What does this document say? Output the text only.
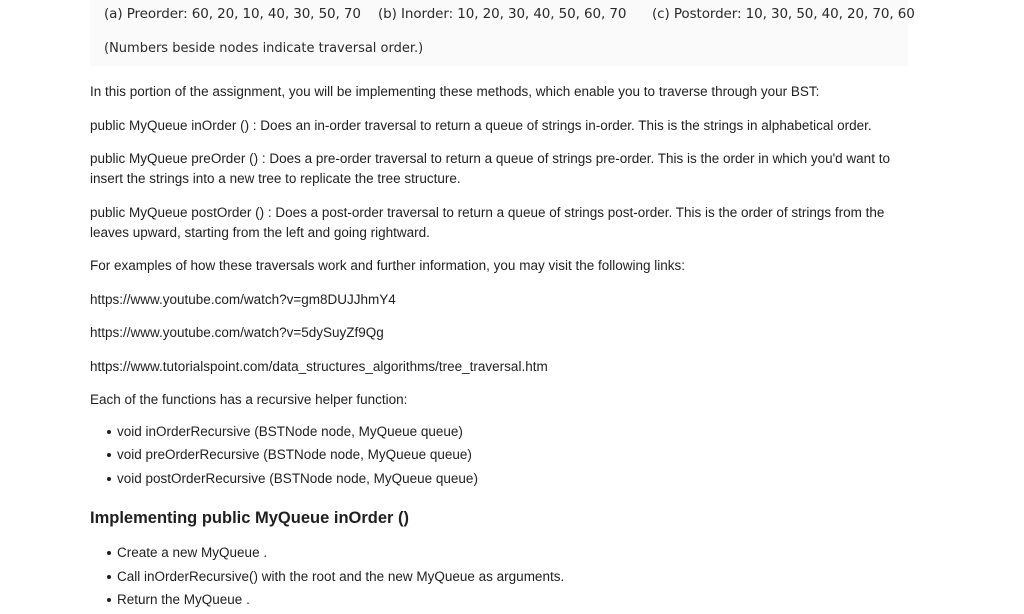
(a) Preorder: 60, 20, 10, 40, 30, 50, 70 (b) Inorder: 10, 20, 30, 40, 50, 60, 70 (c) Postorder: 10, 30, 50, 40, 20, 70, 60
(Numbers beside nodes indicate traversal order.)

In this portion of the assignment, you will be implementing these methods, which enable you to traverse through your BST:

public MyQueue inOrder () : Does an in-order traversal to return a queue of strings in-order. This is the strings in alphabetical order.

public MyQueue preOrder () : Does a pre-order traversal to return a queue of strings pre-order. This is the order in which you'd want to insert the strings into a new tree to replicate the tree structure.

public MyQueue postOrder () : Does a post-order traversal to return a queue of strings post-order. This is the order of strings from the leaves upward, starting from the left and going rightward.

For examples of how these traversals work and further information, you may visit the following links:

https://www.youtube.com/watch?v=gm8DUJJhmY4

https://www.youtube.com/watch?v=5dySuyZf9Qg

https://www.tutorialspoint.com/data_structures_algorithms/tree_traversal.htm

Each of the functions has a recursive helper function:

void inOrderRecursive (BSTNode node, MyQueue queue)
void preOrderRecursive (BSTNode node, MyQueue queue)
void postOrderRecursive (BSTNode node, MyQueue queue)
Implementing public MyQueue inOrder ()
Create a new MyQueue .
Call inOrderRecursive() with the root and the new MyQueue as arguments.
Return the MyQueue .
